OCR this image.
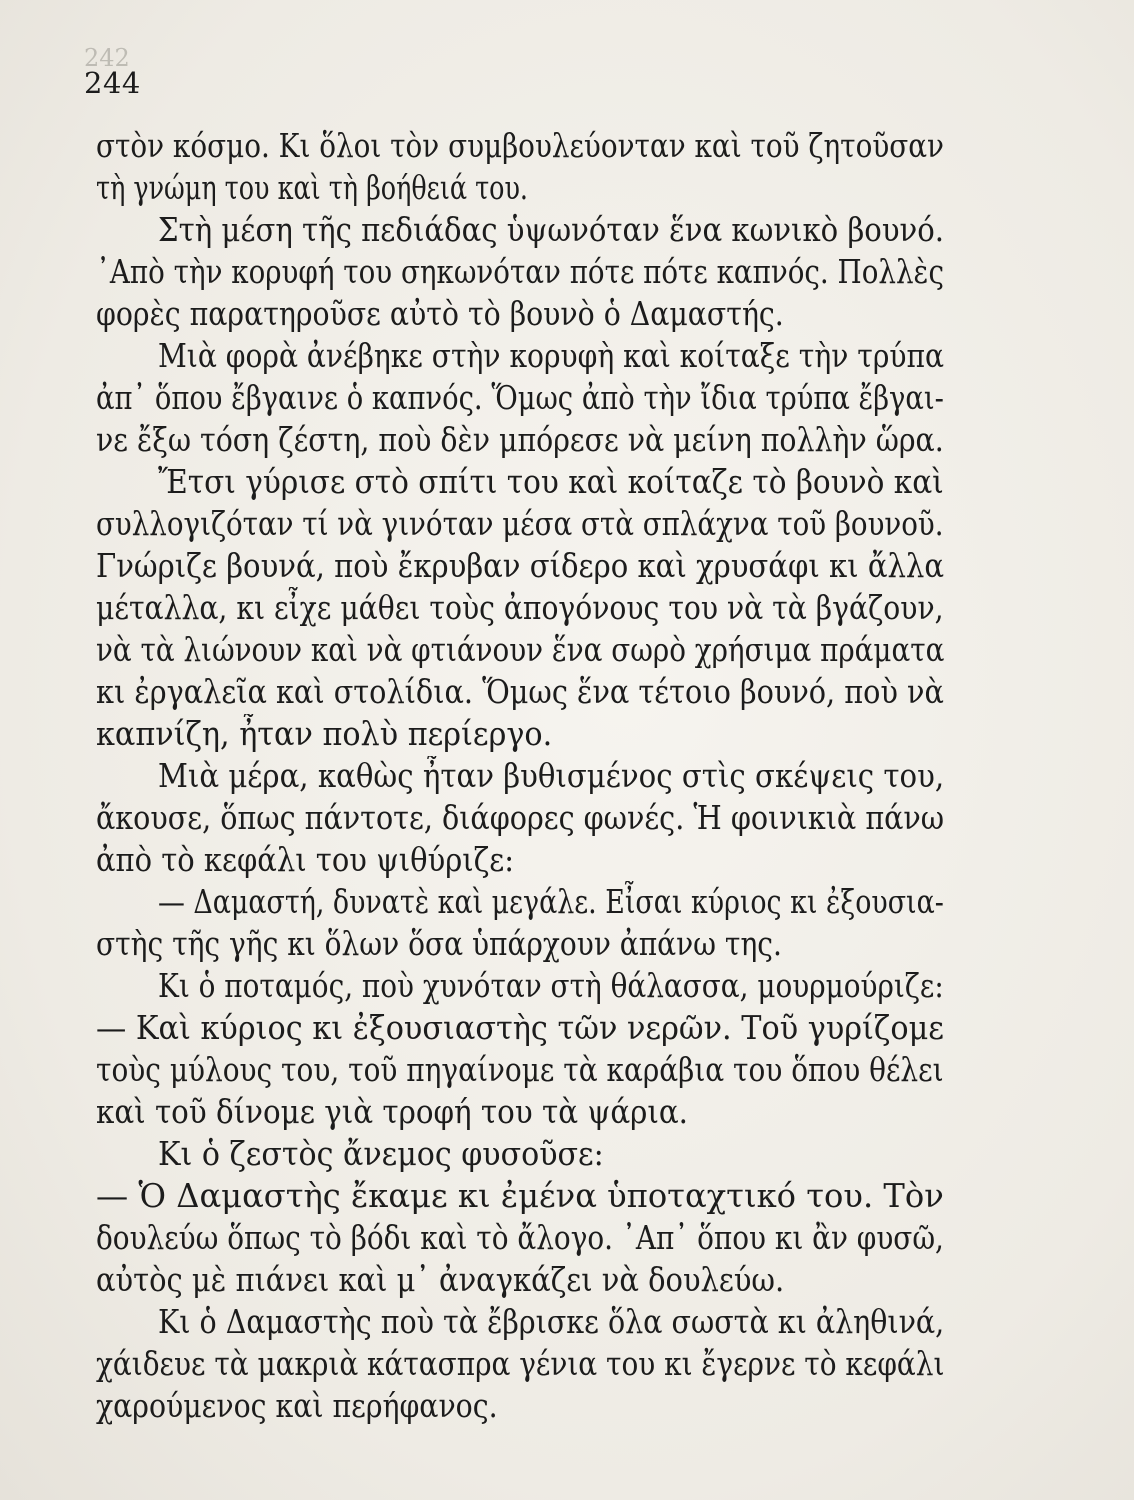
242
244
στὸν κόσμο. Κι ὅλοι τὸν συμβουλεύονταν καὶ τοῦ ζητοῦσαν
τὴ γνώμη του καὶ τὴ βοήθειά του.
Στὴ μέση τῆς πεδιάδας ὑψωνόταν ἕνα κωνικὸ βουνό.
᾿Απὸ τὴν κορυφή του σηκωνόταν πότε πότε καπνός. Πολλὲς
φορὲς παρατηροῦσε αὐτὸ τὸ βουνὸ ὁ Δαμαστής.
Μιὰ φορὰ ἀνέβηκε στὴν κορυφὴ καὶ κοίταξε τὴν τρύπα
ἀπ᾿ ὅπου ἔβγαινε ὁ καπνός. Ὅμως ἀπὸ τὴν ἴδια τρύπα ἔβγαι-
νε ἔξω τόση ζέστη, ποὺ δὲν μπόρεσε νὰ μείνη πολλὴν ὥρα.
Ἔτσι γύρισε στὸ σπίτι του καὶ κοίταζε τὸ βουνὸ καὶ
συλλογιζόταν τί νὰ γινόταν μέσα στὰ σπλάχνα τοῦ βουνοῦ.
Γνώριζε βουνά, ποὺ ἔκρυβαν σίδερο καὶ χρυσάφι κι ἄλλα
μέταλλα, κι εἶχε μάθει τοὺς ἀπογόνους του νὰ τὰ βγάζουν,
νὰ τὰ λιώνουν καὶ νὰ φτιάνουν ἕνα σωρὸ χρήσιμα πράματα
κι ἐργαλεῖα καὶ στολίδια. Ὅμως ἕνα τέτοιο βουνό, ποὺ νὰ
καπνίζη, ἦταν πολὺ περίεργο.
Μιὰ μέρα, καθὼς ἦταν βυθισμένος στὶς σκέψεις του,
ἄκουσε, ὅπως πάντοτε, διάφορες φωνές. Ἡ φοινικιὰ πάνω
ἀπὸ τὸ κεφάλι του ψιθύριζε:
— Δαμαστή, δυνατὲ καὶ μεγάλε. Εἶσαι κύριος κι ἐξουσια-
στὴς τῆς γῆς κι ὅλων ὅσα ὑπάρχουν ἀπάνω της.
Κι ὁ ποταμός, ποὺ χυνόταν στὴ θάλασσα, μουρμούριζε:
— Καὶ κύριος κι ἐξουσιαστὴς τῶν νερῶν. Τοῦ γυρίζομε
τοὺς μύλους του, τοῦ πηγαίνομε τὰ καράβια του ὅπου θέλει
καὶ τοῦ δίνομε γιὰ τροφή του τὰ ψάρια.
Κι ὁ ζεστὸς ἄνεμος φυσοῦσε:
— Ὁ Δαμαστὴς ἔκαμε κι ἐμένα ὑποταχτικό του. Τὸν
δουλεύω ὅπως τὸ βόδι καὶ τὸ ἄλογο. ᾿Απ᾿ ὅπου κι ἂν φυσῶ,
αὐτὸς μὲ πιάνει καὶ μ᾿ ἀναγκάζει νὰ δουλεύω.
Κι ὁ Δαμαστὴς ποὺ τὰ ἔβρισκε ὅλα σωστὰ κι ἀληθινά,
χάιδευε τὰ μακριὰ κάτασπρα γένια του κι ἔγερνε τὸ κεφάλι
χαρούμενος καὶ περήφανος.
